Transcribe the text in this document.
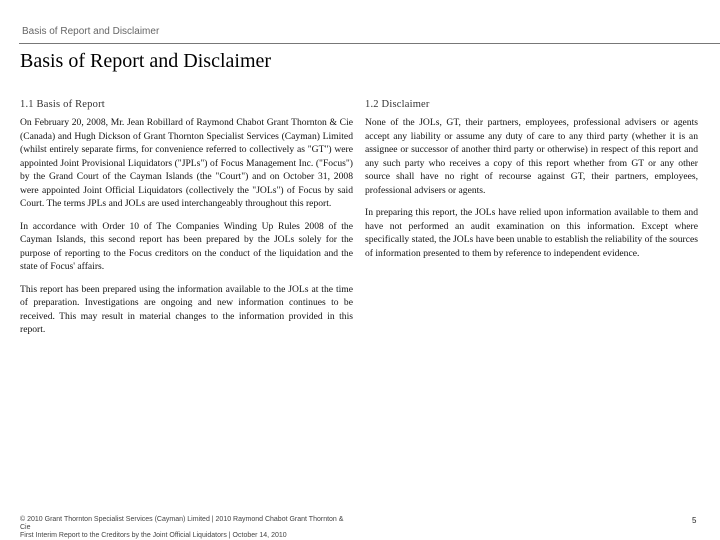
Basis of Report and Disclaimer
Basis of Report and Disclaimer
1.1 Basis of Report

On February 20, 2008, Mr. Jean Robillard of Raymond Chabot Grant Thornton & Cie (Canada) and Hugh Dickson of Grant Thornton Specialist Services (Cayman) Limited (whilst entirely separate firms, for convenience referred to collectively as "GT") were appointed Joint Provisional Liquidators ("JPLs") of Focus Management Inc. ("Focus") by the Grand Court of the Cayman Islands (the "Court") and on October 31, 2008 were appointed Joint Official Liquidators (collectively the "JOLs") of Focus by said Court. The terms JPLs and JOLs are used interchangeably throughout this report.

In accordance with Order 10 of The Companies Winding Up Rules 2008 of the Cayman Islands, this second report has been prepared by the JOLs solely for the purpose of reporting to the Focus creditors on the conduct of the liquidation and the state of Focus' affairs.

This report has been prepared using the information available to the JOLs at the time of preparation. Investigations are ongoing and new information continues to be received. This may result in material changes to the information provided in this report.

1.2 Disclaimer

None of the JOLs, GT, their partners, employees, professional advisers or agents accept any liability or assume any duty of care to any third party (whether it is an assignee or successor of another third party or otherwise) in respect of this report and any such party who receives a copy of this report whether from GT or any other source shall have no right of recourse against GT, their partners, employees, professional advisers or agents.

In preparing this report, the JOLs have relied upon information available to them and have not performed an audit examination on this information. Except where specifically stated, the JOLs have been unable to establish the reliability of the sources of information presented to them by reference to independent evidence.

© 2010 Grant Thornton Specialist Services (Cayman) Limited | 2010 Raymond Chabot Grant Thornton & Cie
First Interim Report to the Creditors by the Joint Official Liquidators | October 14, 2010
5
